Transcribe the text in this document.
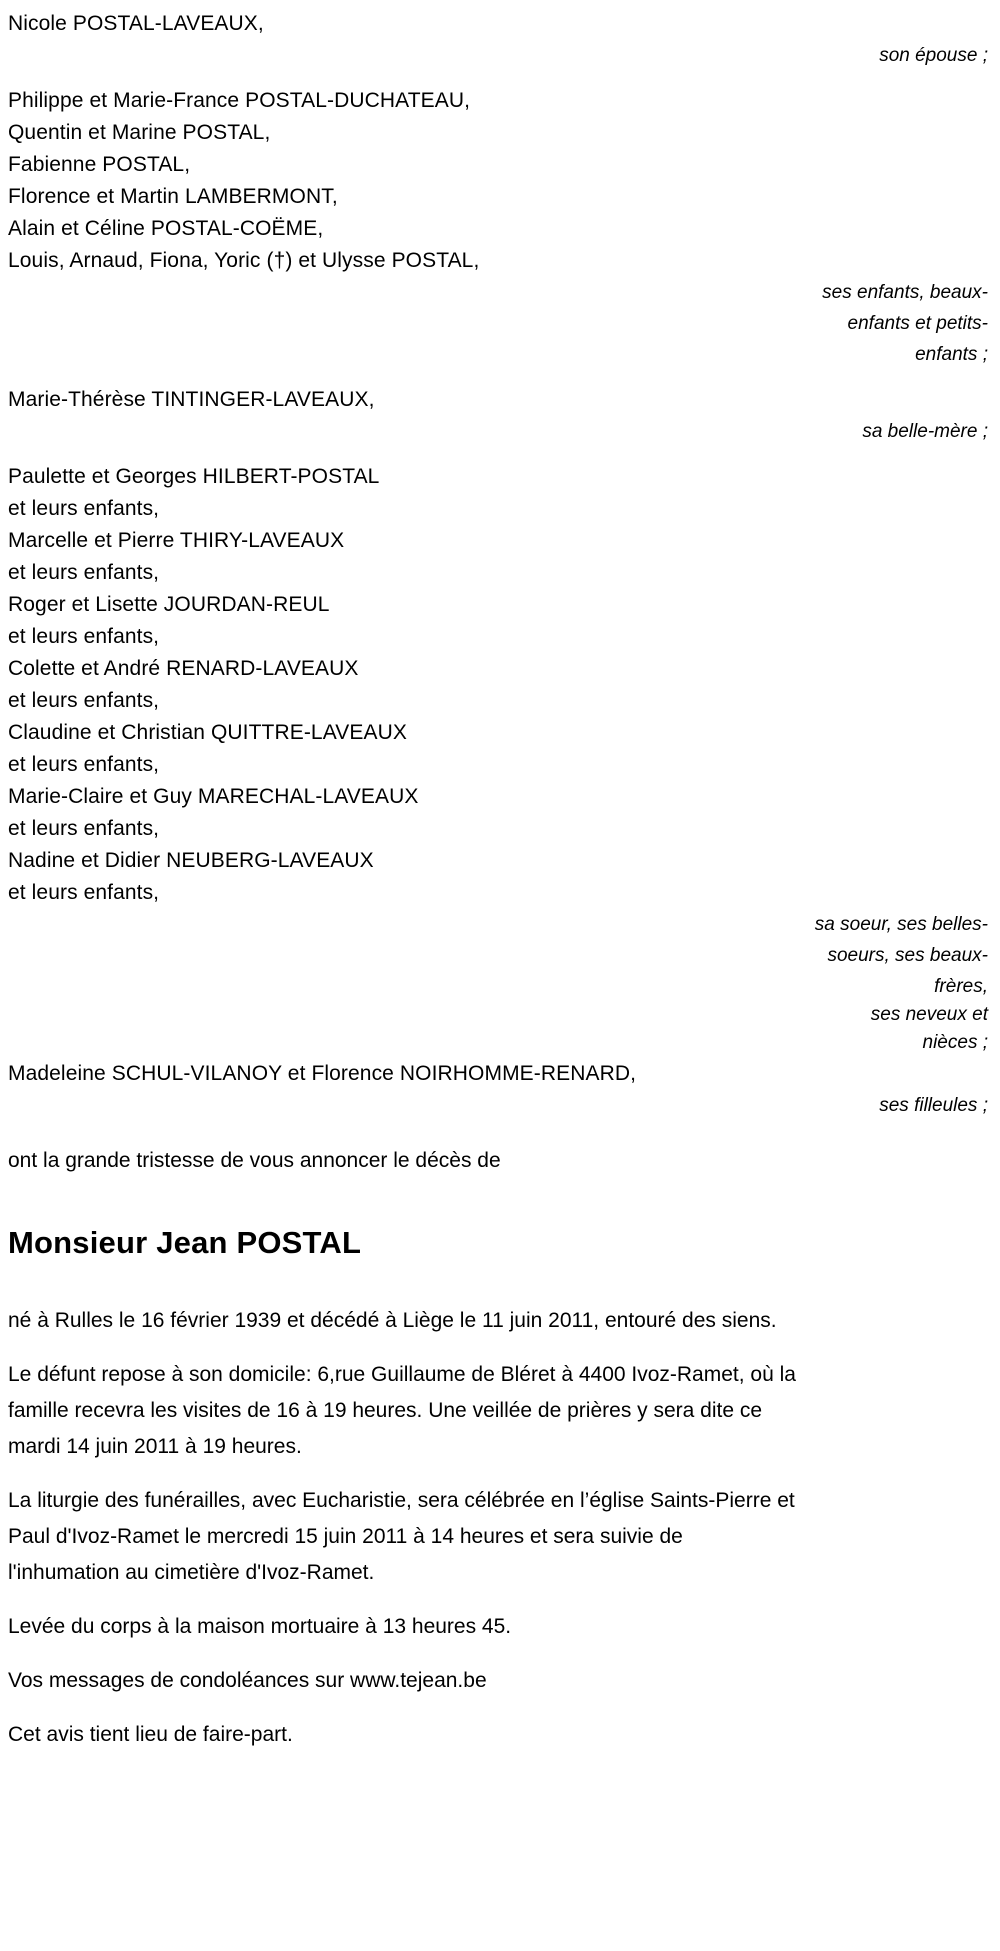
Nicole POSTAL-LAVEAUX,
son épouse ;
Philippe et Marie-France POSTAL-DUCHATEAU,
Quentin et Marine POSTAL,
Fabienne POSTAL,
Florence et Martin LAMBERMONT,
Alain et Céline POSTAL-COËME,
Louis, Arnaud, Fiona, Yoric (†) et Ulysse POSTAL,
ses enfants, beaux-
enfants et petits-
enfants ;
Marie-Thérèse TINTINGER-LAVEAUX,
sa belle-mère ;
Paulette et Georges HILBERT-POSTAL
et leurs enfants,
Marcelle et Pierre THIRY-LAVEAUX
et leurs enfants,
Roger et Lisette JOURDAN-REUL
et leurs enfants,
Colette et André RENARD-LAVEAUX
et leurs enfants,
Claudine et Christian QUITTRE-LAVEAUX
et leurs enfants,
Marie-Claire et Guy MARECHAL-LAVEAUX
et leurs enfants,
Nadine et Didier NEUBERG-LAVEAUX
et leurs enfants,
sa soeur, ses belles-
soeurs, ses beaux-
frères,
ses neveux et
nièces ;
Madeleine SCHUL-VILANOY et Florence NOIRHOMME-RENARD,
ses filleules ;
ont la grande tristesse de vous annoncer le décès de
Monsieur Jean POSTAL

né à Rulles le 16 février 1939 et décédé à Liège le 11 juin 2011, entouré des siens.

Le défunt repose à son domicile: 6,rue Guillaume de Bléret à 4400 Ivoz-Ramet, où la famille recevra les visites de 16 à 19 heures. Une veillée de prières y sera dite ce mardi 14 juin 2011 à 19 heures.

La liturgie des funérailles, avec Eucharistie, sera célébrée en l’église Saints-Pierre et Paul d'Ivoz-Ramet le mercredi 15 juin 2011 à 14 heures et sera suivie de l'inhumation au cimetière d'Ivoz-Ramet.

Levée du corps à la maison mortuaire à 13 heures 45.

Vos messages de condoléances sur www.tejean.be

Cet avis tient lieu de faire-part.
